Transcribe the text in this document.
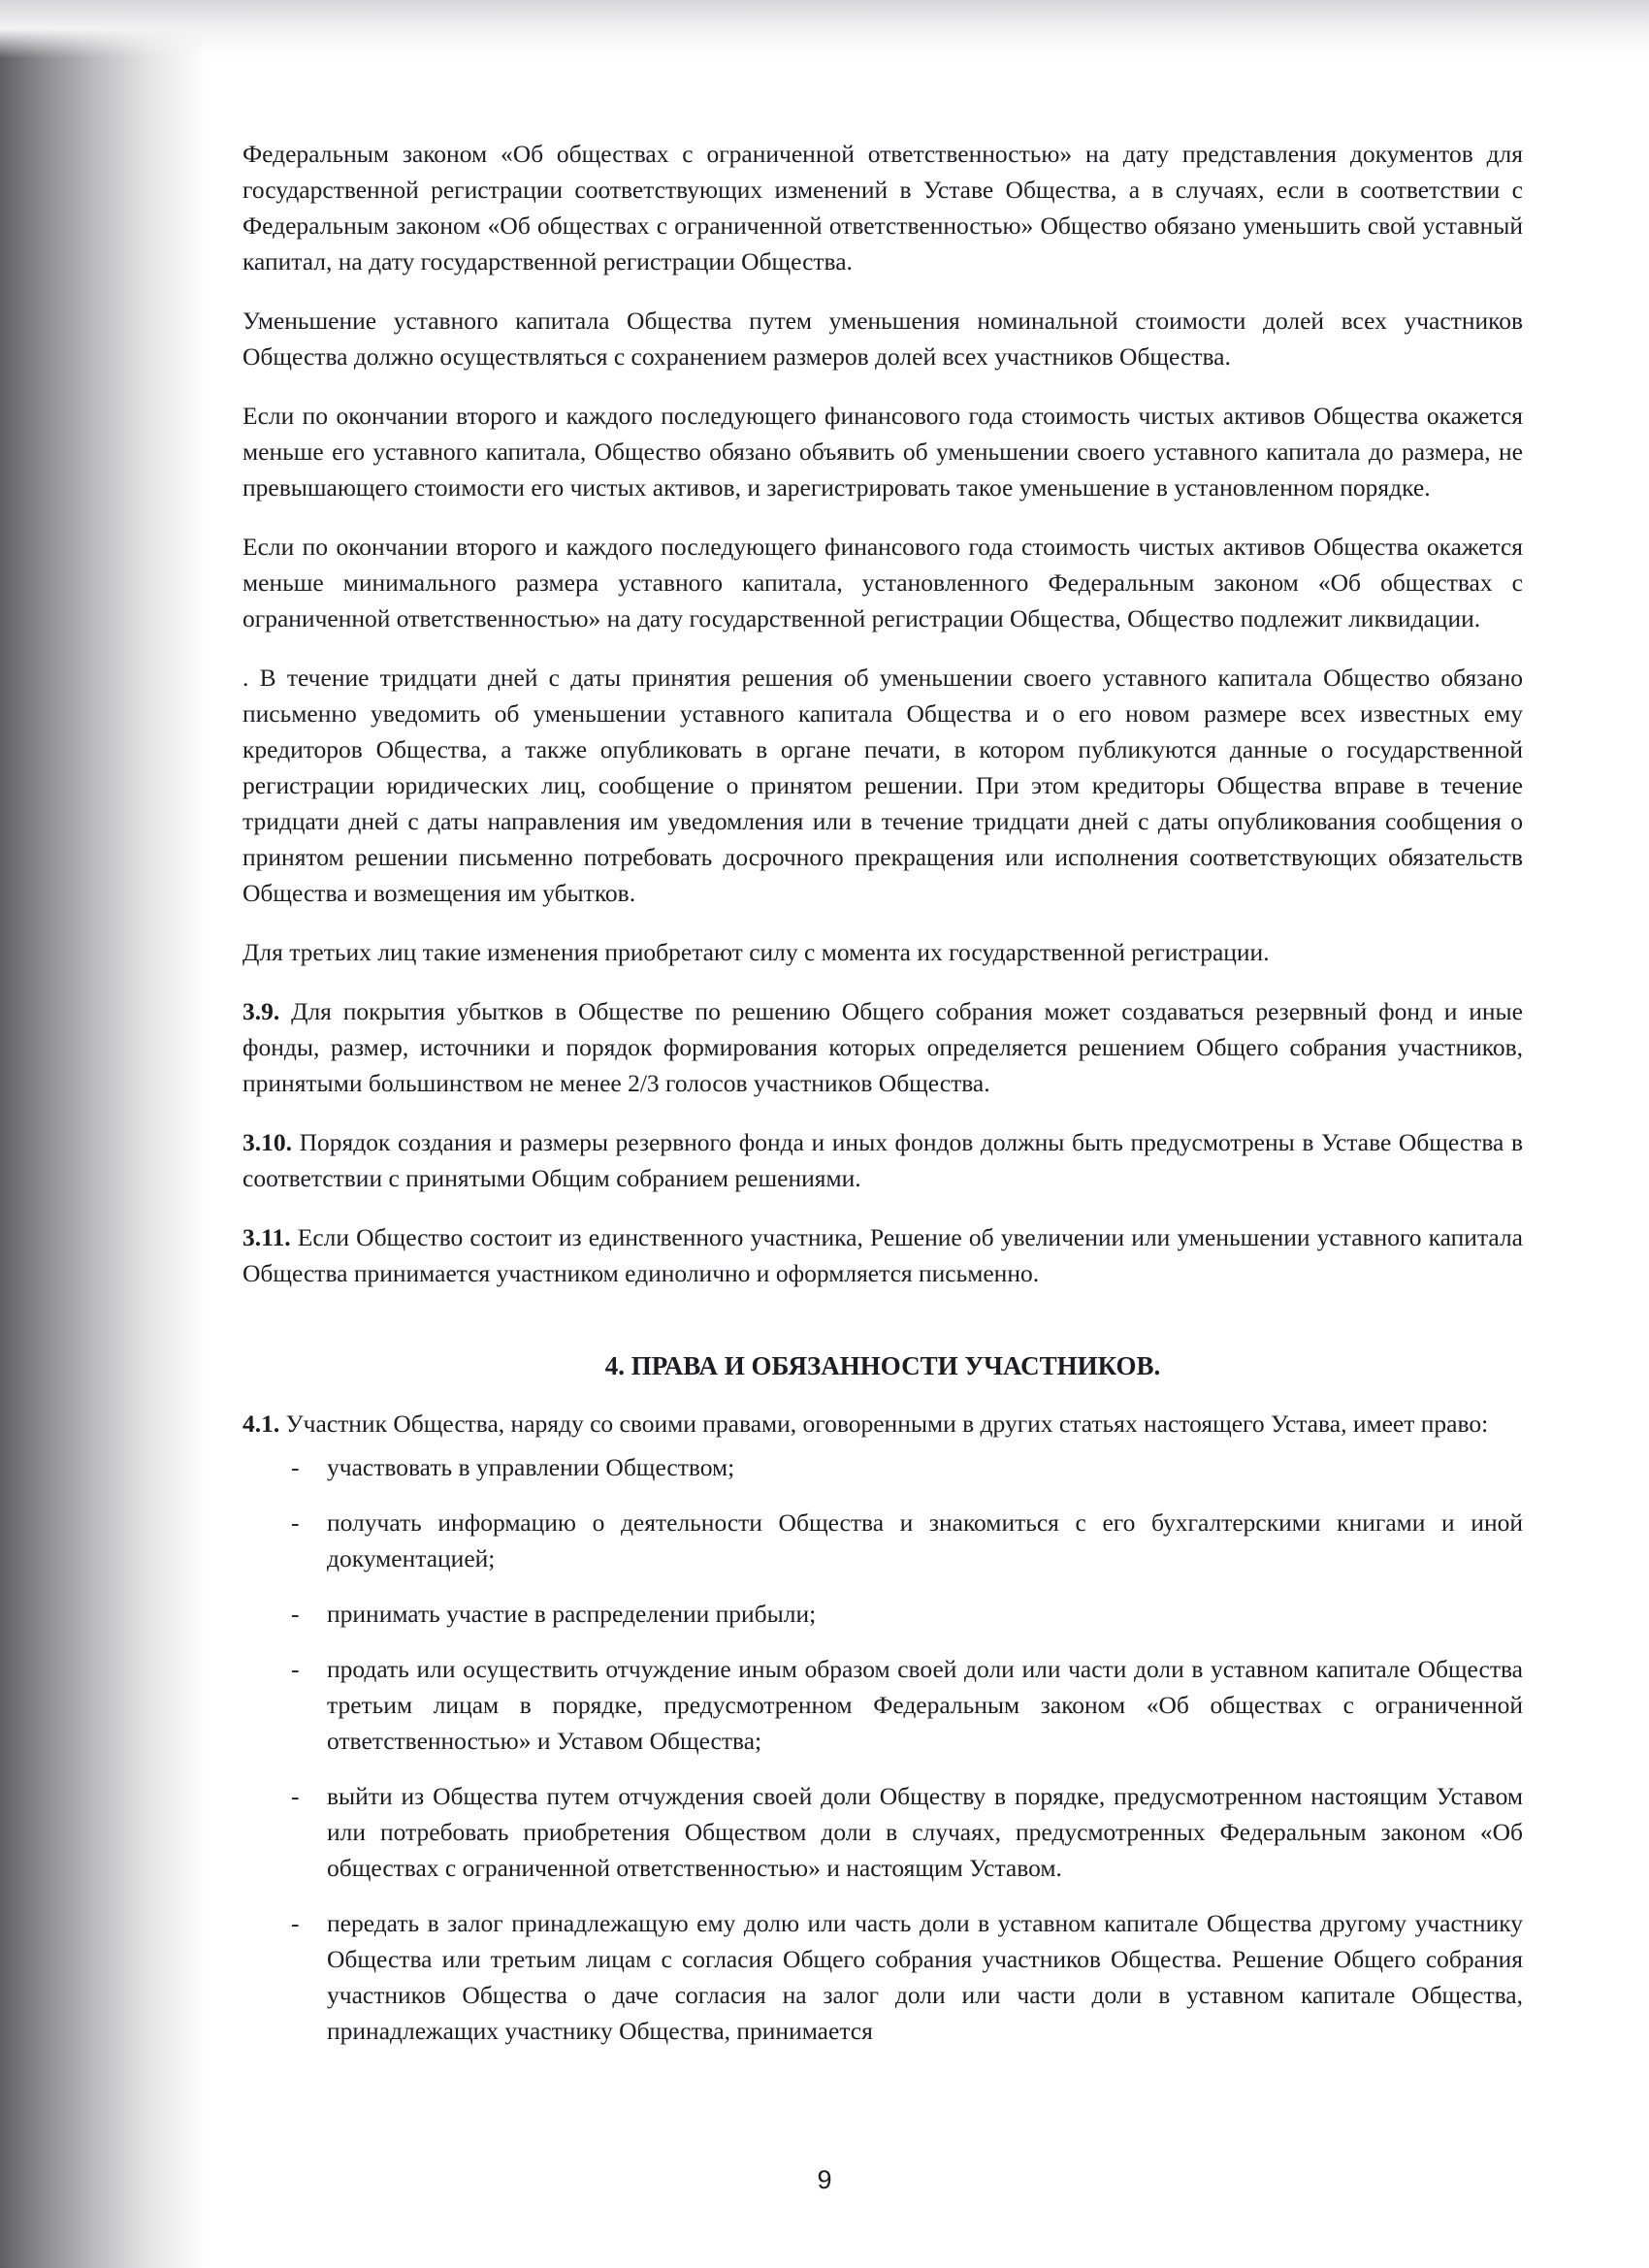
Федеральным законом «Об обществах с ограниченной ответственностью» на дату представления документов для государственной регистрации соответствующих изменений в Уставе Общества, а в случаях, если в соответствии с Федеральным законом «Об обществах с ограниченной ответственностью» Общество обязано уменьшить свой уставный капитал, на дату государственной регистрации Общества.

Уменьшение уставного капитала Общества путем уменьшения номинальной стоимости долей всех участников Общества должно осуществляться с сохранением размеров долей всех участников Общества.

Если по окончании второго и каждого последующего финансового года стоимость чистых активов Общества окажется меньше его уставного капитала, Общество обязано объявить об уменьшении своего уставного капитала до размера, не превышающего стоимости его чистых активов, и зарегистрировать такое уменьшение в установленном порядке.

Если по окончании второго и каждого последующего финансового года стоимость чистых активов Общества окажется меньше минимального размера уставного капитала, установленного Федеральным законом «Об обществах с ограниченной ответственностью» на дату государственной регистрации Общества, Общество подлежит ликвидации.

. В течение тридцати дней с даты принятия решения об уменьшении своего уставного капитала Общество обязано письменно уведомить об уменьшении уставного капитала Общества и о его новом размере всех известных ему кредиторов Общества, а также опубликовать в органе печати, в котором публикуются данные о государственной регистрации юридических лиц, сообщение о принятом решении. При этом кредиторы Общества вправе в течение тридцати дней с даты направления им уведомления или в течение тридцати дней с даты опубликования сообщения о принятом решении письменно потребовать досрочного прекращения или исполнения соответствующих обязательств Общества и возмещения им убытков.

Для третьих лиц такие изменения приобретают силу с момента их государственной регистрации.

3.9. Для покрытия убытков в Обществе по решению Общего собрания может создаваться резервный фонд и иные фонды, размер, источники и порядок формирования которых определяется решением Общего собрания участников, принятыми большинством не менее 2/3 голосов участников Общества.

3.10. Порядок создания и размеры резервного фонда и иных фондов должны быть предусмотрены в Уставе Общества в соответствии с принятыми Общим собранием решениями.

3.11. Если Общество состоит из единственного участника, Решение об увеличении или уменьшении уставного капитала Общества принимается участником единолично и оформляется письменно.

4. ПРАВА И ОБЯЗАННОСТИ УЧАСТНИКОВ.

4.1. Участник Общества, наряду со своими правами, оговоренными в других статьях настоящего Устава, имеет право:

- участвовать в управлении Обществом;
- получать информацию о деятельности Общества и знакомиться с его бухгалтерскими книгами и иной документацией;
- принимать участие в распределении прибыли;
- продать или осуществить отчуждение иным образом своей доли или части доли в уставном капитале Общества третьим лицам в порядке, предусмотренном Федеральным законом «Об обществах с ограниченной ответственностью» и Уставом Общества;
- выйти из Общества путем отчуждения своей доли Обществу в порядке, предусмотренном настоящим Уставом или потребовать приобретения Обществом доли в случаях, предусмотренных Федеральным законом «Об обществах с ограниченной ответственностью» и настоящим Уставом.
- передать в залог принадлежащую ему долю или часть доли в уставном капитале Общества другому участнику Общества или третьим лицам с согласия Общего собрания участников Общества. Решение Общего собрания участников Общества о даче согласия на залог доли или части доли в уставном капитале Общества, принадлежащих участнику Общества, принимается
9
